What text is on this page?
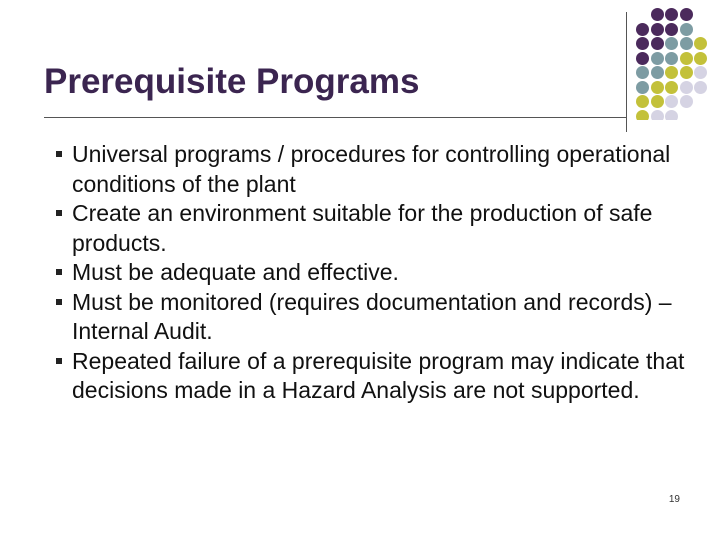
Prerequisite Programs
Universal programs / procedures for controlling operational conditions of the plant
Create an environment suitable for the production of safe products.
Must be adequate and effective.
Must be monitored (requires documentation and records) – Internal Audit.
Repeated failure of a prerequisite program may indicate that decisions made in a Hazard Analysis are not supported.
19
